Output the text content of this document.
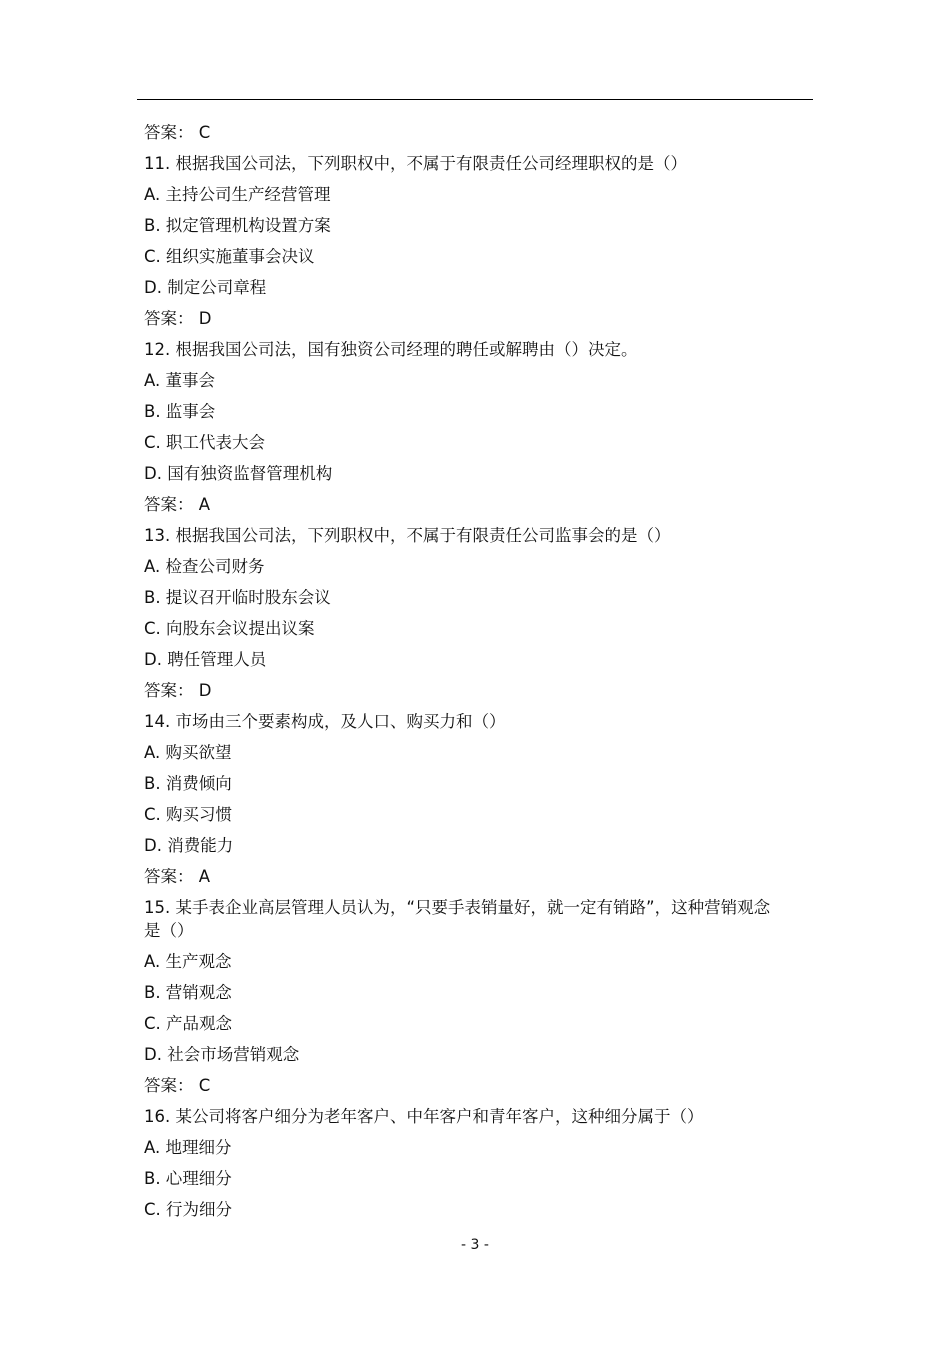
答案： C
11. 根据我国公司法，下列职权中，不属于有限责任公司经理职权的是（）
A. 主持公司生产经营管理
B. 拟定管理机构设置方案
C. 组织实施董事会决议
D. 制定公司章程
答案： D
12. 根据我国公司法，国有独资公司经理的聘任或解聘由（）决定。
A. 董事会
B. 监事会
C. 职工代表大会
D. 国有独资监督管理机构
答案： A
13. 根据我国公司法，下列职权中，不属于有限责任公司监事会的是（）
A. 检查公司财务
B. 提议召开临时股东会议
C. 向股东会议提出议案
D. 聘任管理人员
答案： D
14. 市场由三个要素构成，及人口、购买力和（）
A. 购买欲望
B. 消费倾向
C. 购买习惯
D. 消费能力
答案： A
15. 某手表企业高层管理人员认为，“只要手表销量好，就一定有销路”，这种营销观念是（）
A. 生产观念
B. 营销观念
C. 产品观念
D. 社会市场营销观念
答案： C
16. 某公司将客户细分为老年客户、中年客户和青年客户，这种细分属于（）
A. 地理细分
B. 心理细分
C. 行为细分
- 3 -
